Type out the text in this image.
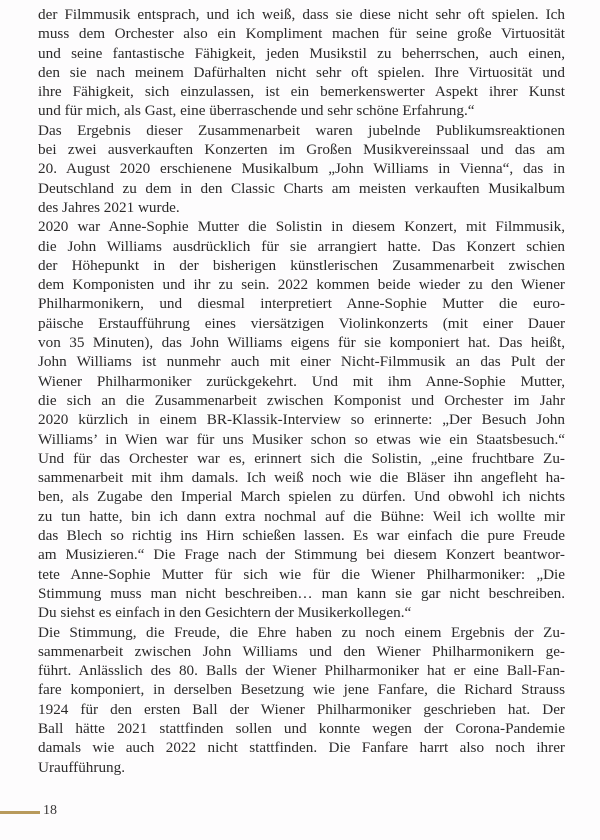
der Filmmusik entsprach, und ich weiß, dass sie diese nicht sehr oft spielen. Ich
muss dem Orchester also ein Kompliment machen für seine große Virtuosität
und seine fantastische Fähigkeit, jeden Musikstil zu beherrschen, auch einen,
den sie nach meinem Dafürhalten nicht sehr oft spielen. Ihre Virtuosität und
ihre Fähigkeit, sich einzulassen, ist ein bemerkenswerter Aspekt ihrer Kunst
und für mich, als Gast, eine überraschende und sehr schöne Erfahrung.“
Das Ergebnis dieser Zusammenarbeit waren jubelnde Publikumsreaktionen
bei zwei ausverkauften Konzerten im Großen Musikvereinssaal und das am
20. August 2020 erschienene Musikalbum „John Williams in Vienna“, das in
Deutschland zu dem in den Classic Charts am meisten verkauften Musikalbum
des Jahres 2021 wurde.
2020 war Anne-Sophie Mutter die Solistin in diesem Konzert, mit Filmmusik,
die John Williams ausdrücklich für sie arrangiert hatte. Das Konzert schien
der Höhepunkt in der bisherigen künstlerischen Zusammenarbeit zwischen
dem Komponisten und ihr zu sein. 2022 kommen beide wieder zu den Wiener
Philharmonikern, und diesmal interpretiert Anne-Sophie Mutter die euro-
päische Erstaufführung eines viersätzigen Violinkonzerts (mit einer Dauer
von 35 Minuten), das John Williams eigens für sie komponiert hat. Das heißt,
John Williams ist nunmehr auch mit einer Nicht-Filmmusik an das Pult der
Wiener Philharmoniker zurückgekehrt. Und mit ihm Anne-Sophie Mutter,
die sich an die Zusammenarbeit zwischen Komponist und Orchester im Jahr
2020 kürzlich in einem BR-Klassik-Interview so erinnerte: „Der Besuch John
Williams’ in Wien war für uns Musiker schon so etwas wie ein Staatsbesuch.“
Und für das Orchester war es, erinnert sich die Solistin, „eine fruchtbare Zu-
sammenarbeit mit ihm damals. Ich weiß noch wie die Bläser ihn angefleht ha-
ben, als Zugabe den Imperial March spielen zu dürfen. Und obwohl ich nichts
zu tun hatte, bin ich dann extra nochmal auf die Bühne: Weil ich wollte mir
das Blech so richtig ins Hirn schießen lassen. Es war einfach die pure Freude
am Musizieren.“ Die Frage nach der Stimmung bei diesem Konzert beantwor-
tete Anne-Sophie Mutter für sich wie für die Wiener Philharmoniker: „Die
Stimmung muss man nicht beschreiben… man kann sie gar nicht beschreiben.
Du siehst es einfach in den Gesichtern der Musikerkollegen.“
Die Stimmung, die Freude, die Ehre haben zu noch einem Ergebnis der Zu-
sammenarbeit zwischen John Williams und den Wiener Philharmonikern ge-
führt. Anlässlich des 80. Balls der Wiener Philharmoniker hat er eine Ball-Fan-
fare komponiert, in derselben Besetzung wie jene Fanfare, die Richard Strauss
1924 für den ersten Ball der Wiener Philharmoniker geschrieben hat. Der
Ball hätte 2021 stattfinden sollen und konnte wegen der Corona-Pandemie
damals wie auch 2022 nicht stattfinden. Die Fanfare harrt also noch ihrer
Uraufführung.
18
